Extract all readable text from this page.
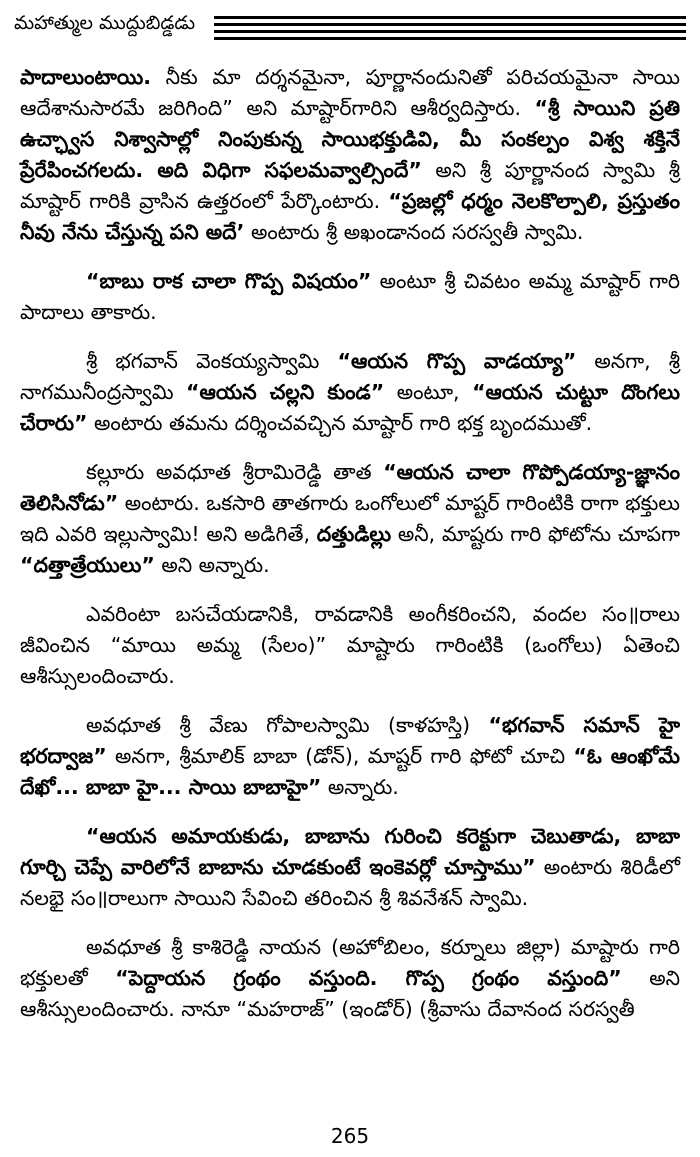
మహాత్ముల ముద్దుబిడ్డడు

పాదాలుంటాయి. నీకు మా దర్శనమైనా, పూర్ణానందునితో పరిచయమైనా సాయి ఆదేశానుసారమే జరిగింది” అని మాష్టార్‌గారిని ఆశీర్వదిస్తారు. “శ్రీ సాయిని ప్రతి ఉచ్ఛ్వాస నిశ్వాసాల్లో నింపుకున్న సాయిభక్తుడివి, మీ సంకల్పం విశ్వ శక్తినే ప్రేరేపించగలదు. అది విధిగా సఫలమవ్వాల్సిందే” అని శ్రీ పూర్ణానంద స్వామి శ్రీ మాష్టార్ గారికి వ్రాసిన ఉత్తరంలో పేర్కొంటారు. “ప్రజల్లో ధర్మం నెలకొల్పాలి, ప్రస్తుతం నీవు నేను చేస్తున్న పని అదే’ అంటారు శ్రీ అఖండానంద సరస్వతీ స్వామి.

“బాబు రాక చాలా గొప్ప విషయం” అంటూ శ్రీ చివటం అమ్మ మాష్టార్ గారి పాదాలు తాకారు.

శ్రీ భగవాన్ వెంకయ్యస్వామి “ఆయన గొప్ప వాడయ్యా” అనగా, శ్రీ నాగమునీంద్రస్వామి “ఆయన చల్లని కుండ” అంటూ, “ఆయన చుట్టూ దొంగలు చేరారు” అంటారు తమను దర్శించవచ్చిన మాష్టార్ గారి భక్త బృందముతో.

కల్లూరు అవధూత శ్రీరామిరెడ్డి తాత “ఆయన చాలా గొప్పోడయ్యా-జ్ఞానం తెలిసినోడు” అంటారు. ఒకసారి తాతగారు ఒంగోలులో మాష్టర్ గారింటికి రాగా భక్తులు ఇది ఎవరి ఇల్లుస్వామి! అని అడిగితే, దత్తుడిల్లు అనీ, మాష్టరు గారి ఫోటోను చూపగా “దత్తాత్రేయులు” అని అన్నారు.

ఎవరింటా బసచేయడానికి, రావడానికి అంగీకరించని, వందల సం॥రాలు జీవించిన “మాయి అమ్మ (సేలం)” మాష్టారు గారింటికి (ఒంగోలు) ఏతెంచి ఆశీస్సులందించారు.

అవధూత శ్రీ వేణు గోపాలస్వామి (కాళహస్తి) “భగవాన్ సమాన్ హై భరద్వాజ” అనగా, శ్రీమాలిక్ బాబా (డోన్), మాష్టర్ గారి ఫోటో చూచి “ఓ ఆంఖోమే దేఖో... బాబా హై... సాయి బాబాహై” అన్నారు.

“ఆయన అమాయకుడు, బాబాను గురించి కరెక్టుగా చెబుతాడు, బాబా గూర్చి చెప్పే వారిలోనే బాబాను చూడకుంటే ఇంకెవర్లో చూస్తాము” అంటారు శిరిడీలో నలభై సం॥రాలుగా సాయిని సేవించి తరించిన శ్రీ శివనేశన్ స్వామి.

అవధూత శ్రీ కాశిరెడ్డి నాయన (అహోబిలం, కర్నూలు జిల్లా) మాష్టారు గారి భక్తులతో “పెద్దాయన గ్రంథం వస్తుంది. గొప్ప గ్రంథం వస్తుంది” అని ఆశీస్సులందించారు. నానూ “మహరాజ్” (ఇండోర్) (శ్రీవాసు దేవానంద సరస్వతీ

265
